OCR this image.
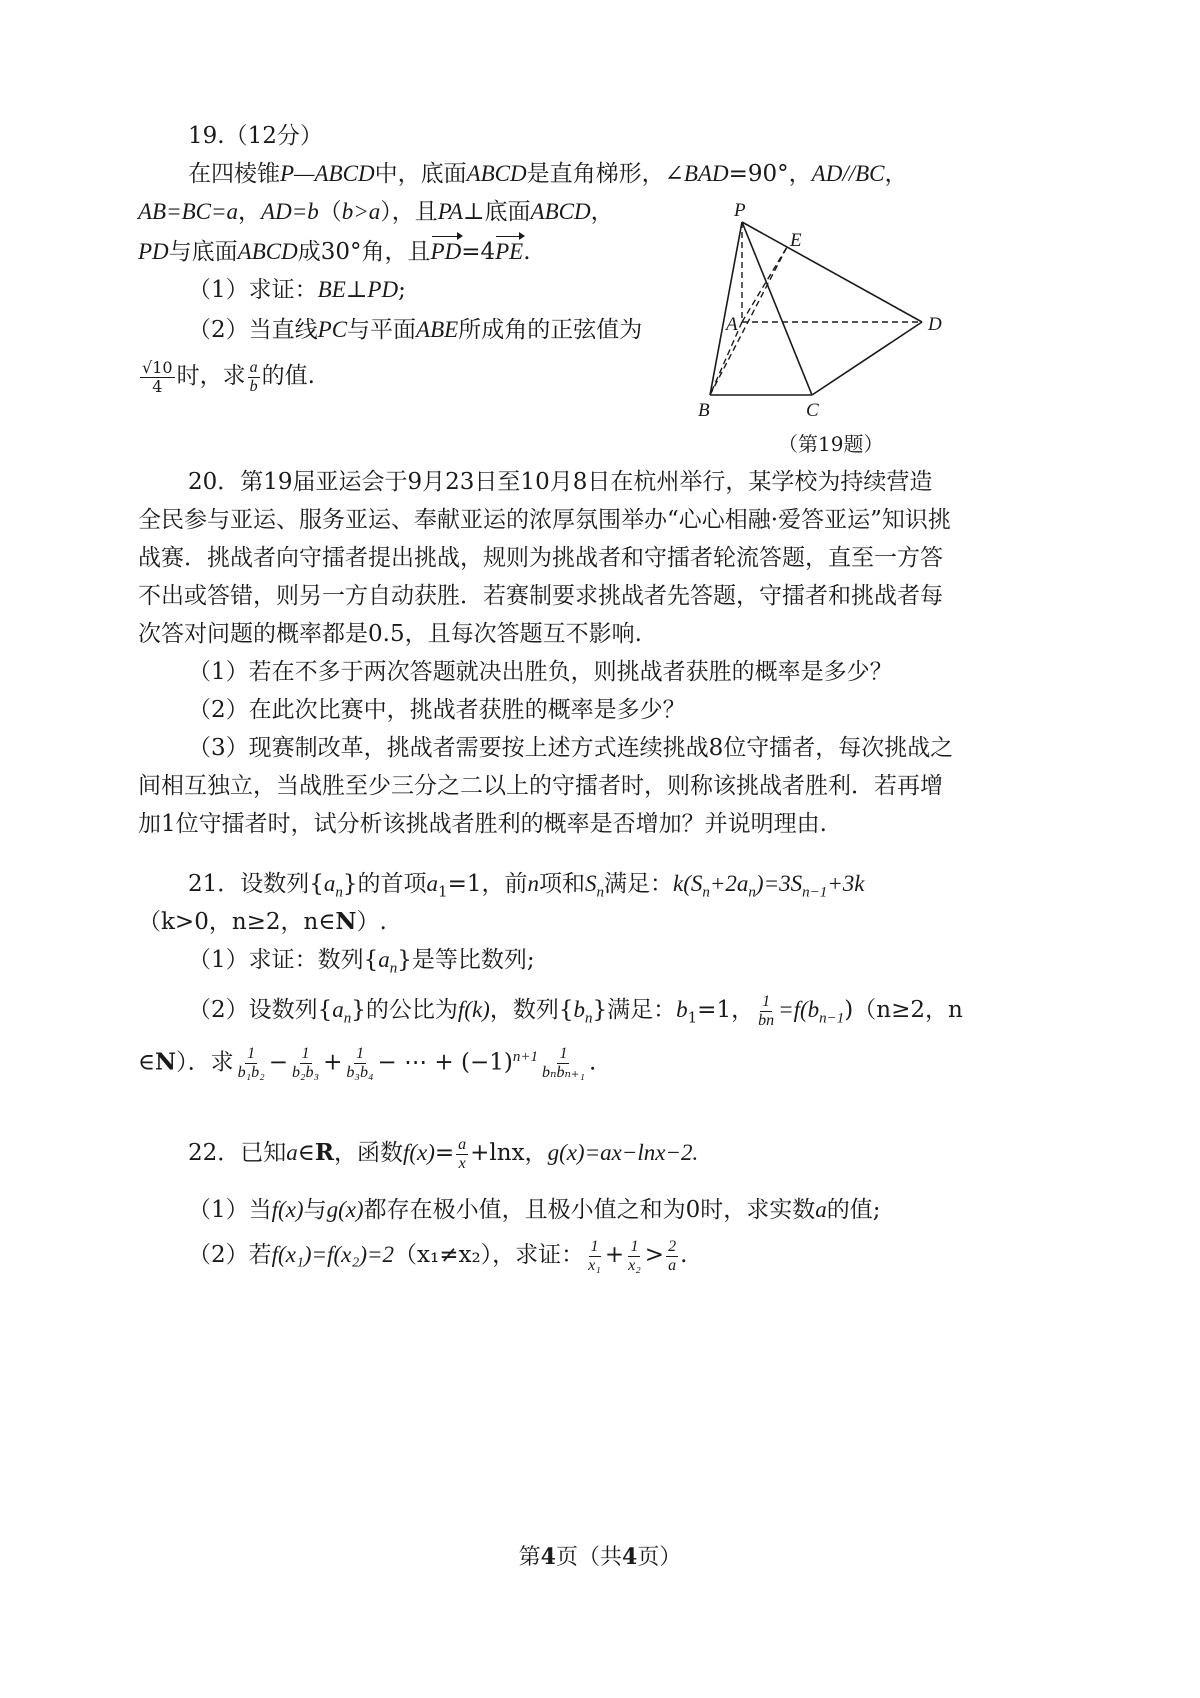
19.（12分）
在四棱锥P—ABCD中，底面ABCD是直角梯形，∠BAD=90°，AD//BC，
AB=BC=a，AD=b（b>a），且PA⊥底面ABCD，
PD与底面ABCD成30°角，且PD=4PE.
（1）求证：BE⊥PD;
（2）当直线PC与平面ABE所成角的正弦值为
$\frac{√10}{4}$ 时，求 $\frac{a}{b}$ 的值.
P
E
A	D
B	C
（第19题）
20．第19届亚运会于9月23日至10月8日在杭州举行，某学校为持续营造
全民参与亚运、服务亚运、奉献亚运的浓厚氛围举办“心心相融·爱答亚运”知识挑
战赛．挑战者向守擂者提出挑战，规则为挑战者和守擂者轮流答题，直至一方答
不出或答错，则另一方自动获胜．若赛制要求挑战者先答题，守擂者和挑战者每
次答对问题的概率都是0.5，且每次答题互不影响.
（1）若在不多于两次答题就决出胜负，则挑战者获胜的概率是多少？
（2）在此次比赛中，挑战者获胜的概率是多少？
（3）现赛制改革，挑战者需要按上述方式连续挑战8位守擂者，每次挑战之
间相互独立，当战胜至少三分之二以上的守擂者时，则称该挑战者胜利．若再增
加1位守擂者时，试分析该挑战者胜利的概率是否增加？并说明理由.
21．设数列$\{a_n\}$的首项$a_1=1$，前n项和$S_n$满足：$k(S_n+2a_n)=3S_{n-1}+3k$
（k>0，n≥2，n∈N）.
（1）求证：数列$\{a_n\}$是等比数列;
（2）设数列$\{a_n\}$的公比为f(k)，数列$\{b_n\}$满足：$b_1=1$， $\frac{1}{bn} =f(b_{n-1})(n\ge 2$，n
∈N）．求 $\frac{1}{\text{b₁b₂}} - \frac{1}{\text{b₂b₃}} + \frac{1}{\text{b₃b₄}}$ − ⋯ + $(-1)^{n+1} \frac{1}{\text{bₙbₙ₊₁}}$ .
22．已知a∈R，函数$f(x)= \frac{a}{x} +\ln x$，g(x)=ax−lnx−2.
（1）当f(x)与g(x)都存在极小值，且极小值之和为0时，求实数a的值;
（2）若f(x₁)=f(x₂)=2（x₁≠x₂），求证： $\frac{1}{\text{x₁}} + \frac{1}{\text{x₂}} > \frac{2}{a}$ .
第4页（共4页）
